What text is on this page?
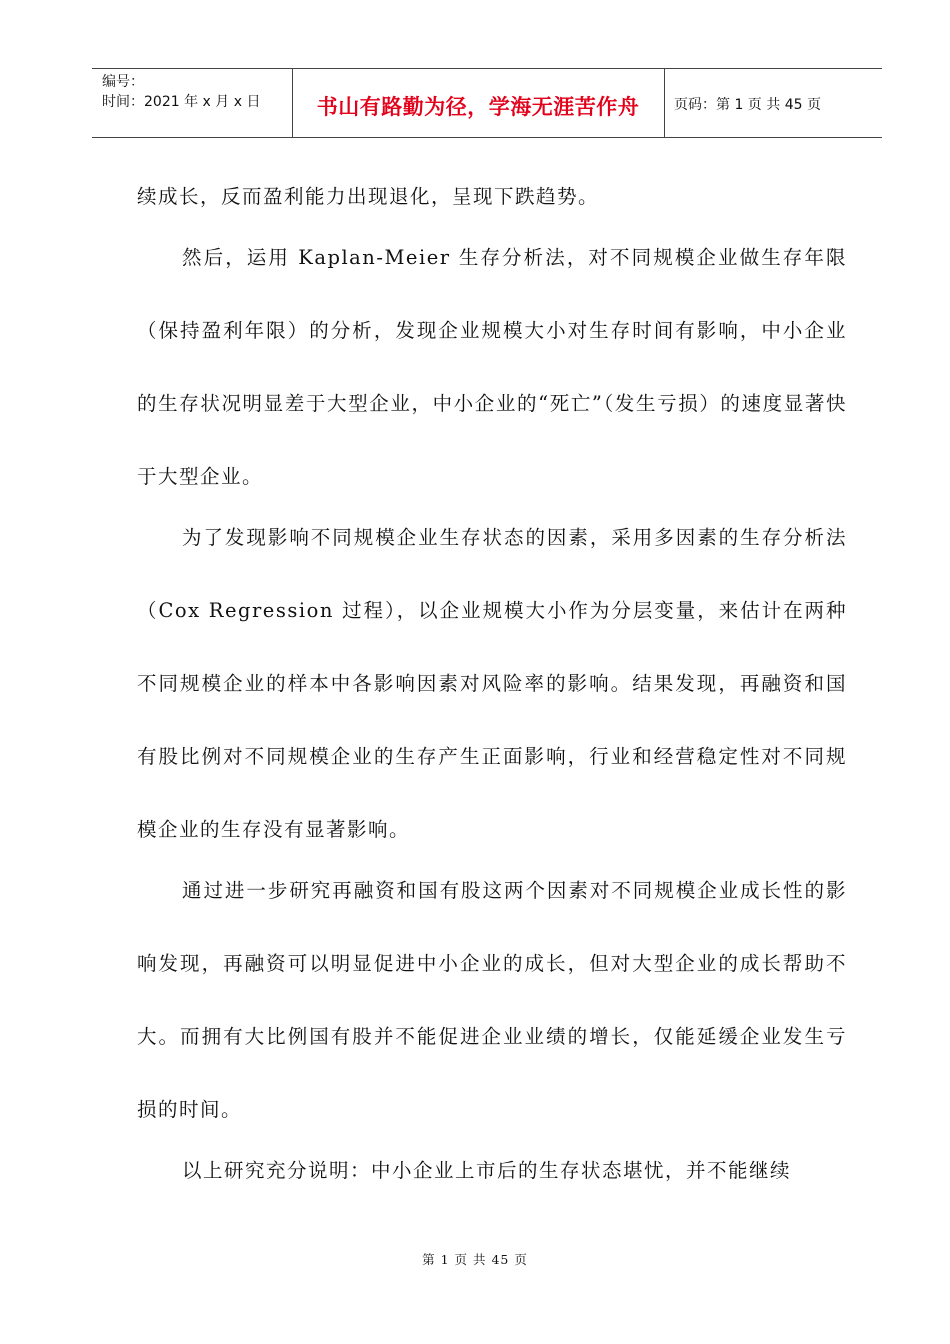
编号：
时间：2021 年 x 月 x 日	书山有路勤为径，学海无涯苦作舟	页码：第 1 页 共 45 页

续成长，反而盈利能力出现退化，呈现下跌趋势。

然后，运用 Kaplan-Meier 生存分析法，对不同规模企业做生存年限（保持盈利年限）的分析，发现企业规模大小对生存时间有影响，中小企业的生存状况明显差于大型企业，中小企业的“死亡”（发生亏损）的速度显著快于大型企业。

为了发现影响不同规模企业生存状态的因素，采用多因素的生存分析法（Cox Regression 过程），以企业规模大小作为分层变量，来估计在两种不同规模企业的样本中各影响因素对风险率的影响。结果发现，再融资和国有股比例对不同规模企业的生存产生正面影响，行业和经营稳定性对不同规模企业的生存没有显著影响。

通过进一步研究再融资和国有股这两个因素对不同规模企业成长性的影响发现，再融资可以明显促进中小企业的成长，但对大型企业的成长帮助不大。而拥有大比例国有股并不能促进企业业绩的增长，仅能延缓企业发生亏损的时间。

以上研究充分说明：中小企业上市后的生存状态堪忧，并不能继续

第 1 页 共 45 页
